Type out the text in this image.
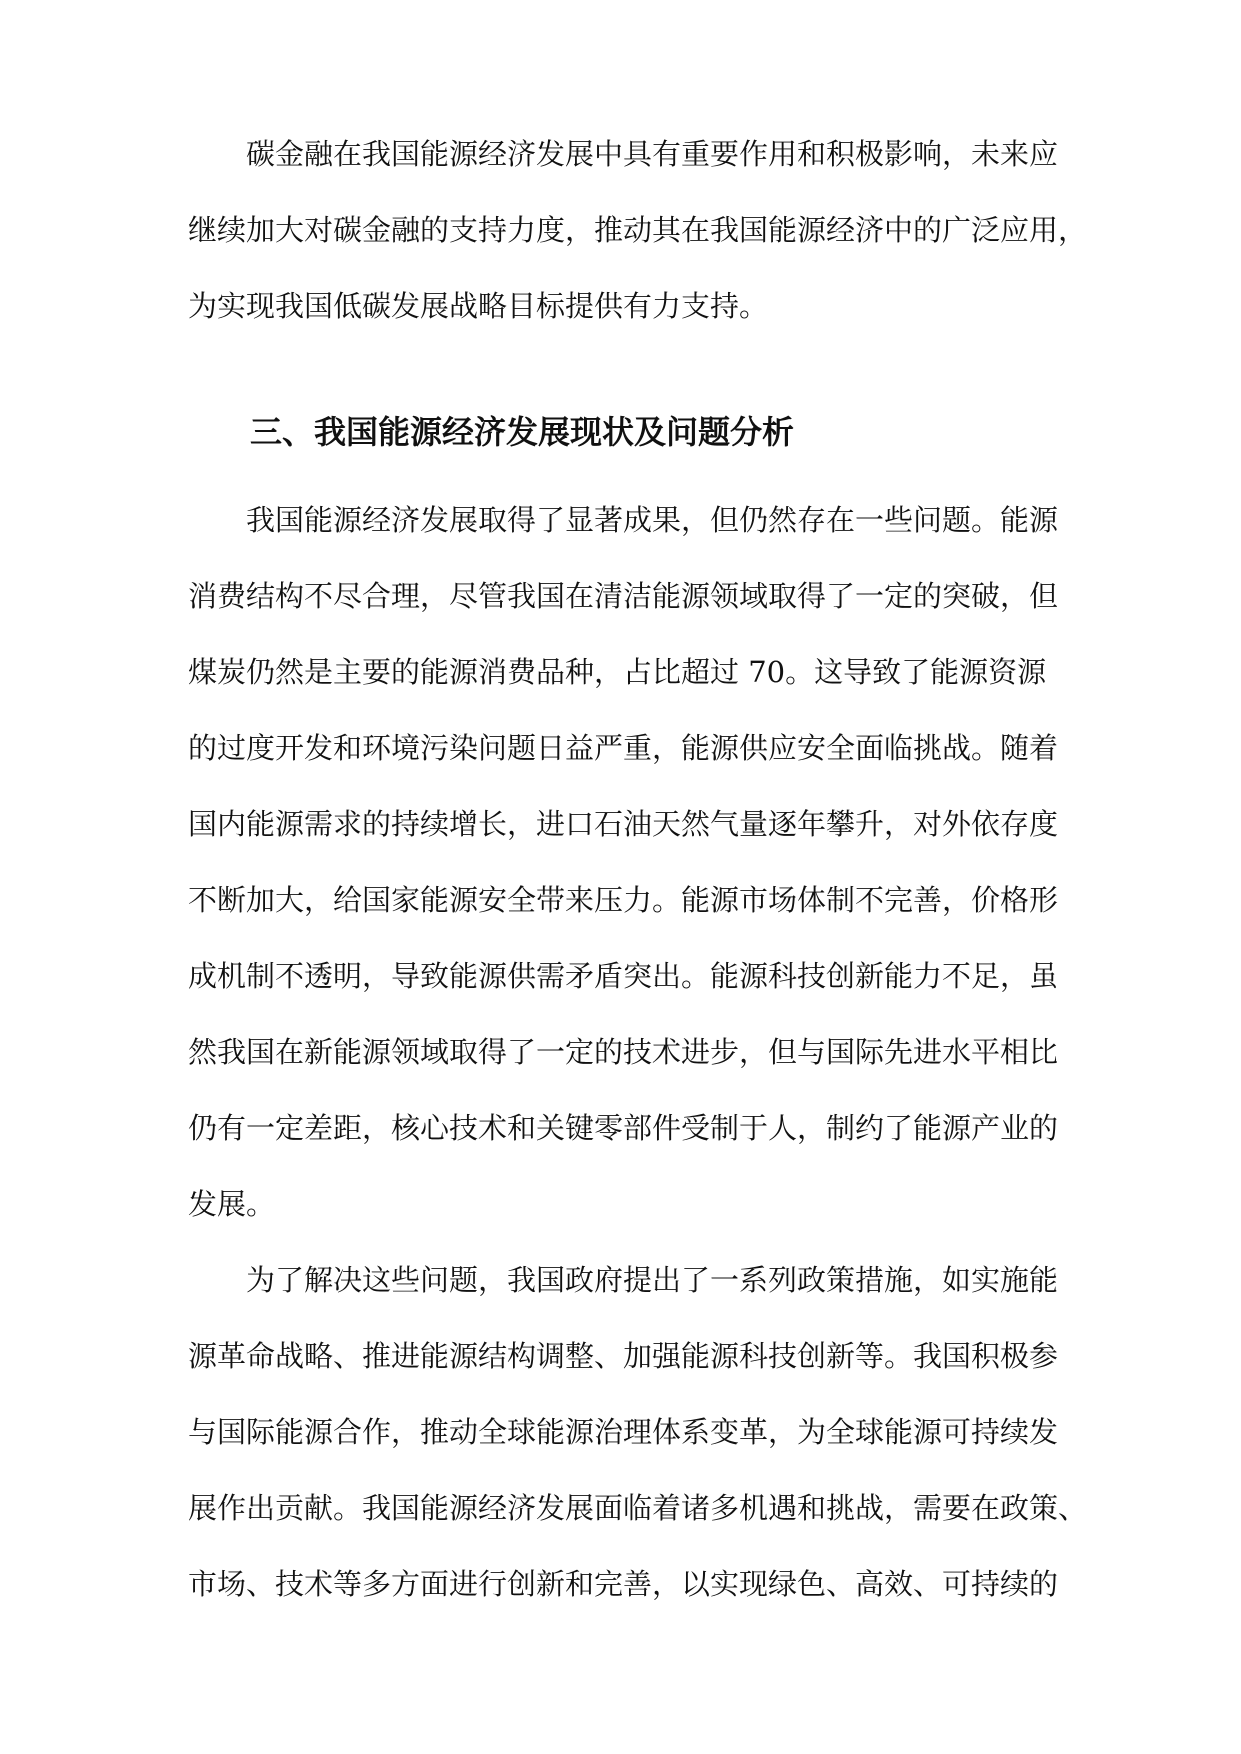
碳金融在我国能源经济发展中具有重要作用和积极影响，未来应
继续加大对碳金融的支持力度，推动其在我国能源经济中的广泛应用，
为实现我国低碳发展战略目标提供有力支持。
三、我国能源经济发展现状及问题分析
我国能源经济发展取得了显著成果，但仍然存在一些问题。能源
消费结构不尽合理，尽管我国在清洁能源领域取得了一定的突破，但
煤炭仍然是主要的能源消费品种，占比超过 70。这导致了能源资源
的过度开发和环境污染问题日益严重，能源供应安全面临挑战。随着
国内能源需求的持续增长，进口石油天然气量逐年攀升，对外依存度
不断加大，给国家能源安全带来压力。能源市场体制不完善，价格形
成机制不透明，导致能源供需矛盾突出。能源科技创新能力不足，虽
然我国在新能源领域取得了一定的技术进步，但与国际先进水平相比
仍有一定差距，核心技术和关键零部件受制于人，制约了能源产业的
发展。
为了解决这些问题，我国政府提出了一系列政策措施，如实施能
源革命战略、推进能源结构调整、加强能源科技创新等。我国积极参
与国际能源合作，推动全球能源治理体系变革，为全球能源可持续发
展作出贡献。我国能源经济发展面临着诸多机遇和挑战，需要在政策、
市场、技术等多方面进行创新和完善，以实现绿色、高效、可持续的
